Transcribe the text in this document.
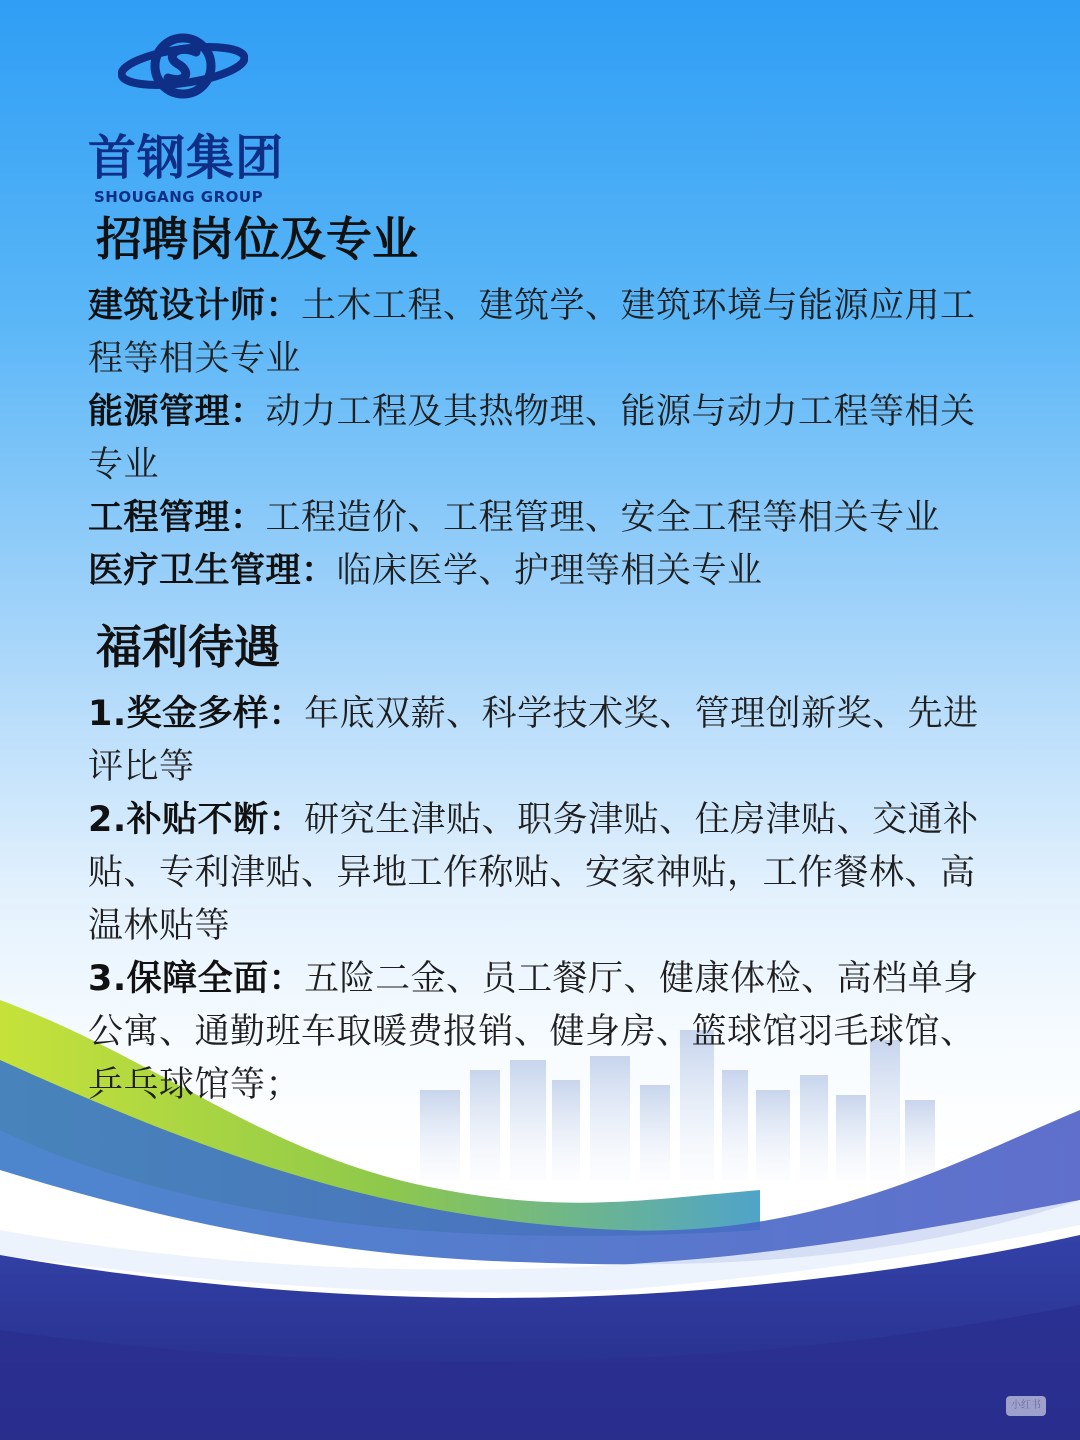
首钢集团
SHOUGANG GROUP
招聘岗位及专业

建筑设计师：土木工程、建筑学、建筑环境与能源应用工程等相关专业

能源管理：动力工程及其热物理、能源与动力工程等相关专业

工程管理：工程造价、工程管理、安全工程等相关专业

医疗卫生管理：临床医学、护理等相关专业

福利待遇

1.奖金多样：年底双薪、科学技术奖、管理创新奖、先进评比等

2.补贴不断：研究生津贴、职务津贴、住房津贴、交通补贴、专利津贴、异地工作称贴、安家神贴，工作餐林、高温林贴等

3.保障全面：五险二金、员工餐厅、健康体检、高档单身公寓、通勤班车取暖费报销、健身房、篮球馆羽毛球馆、乒乓球馆等；

小红书
